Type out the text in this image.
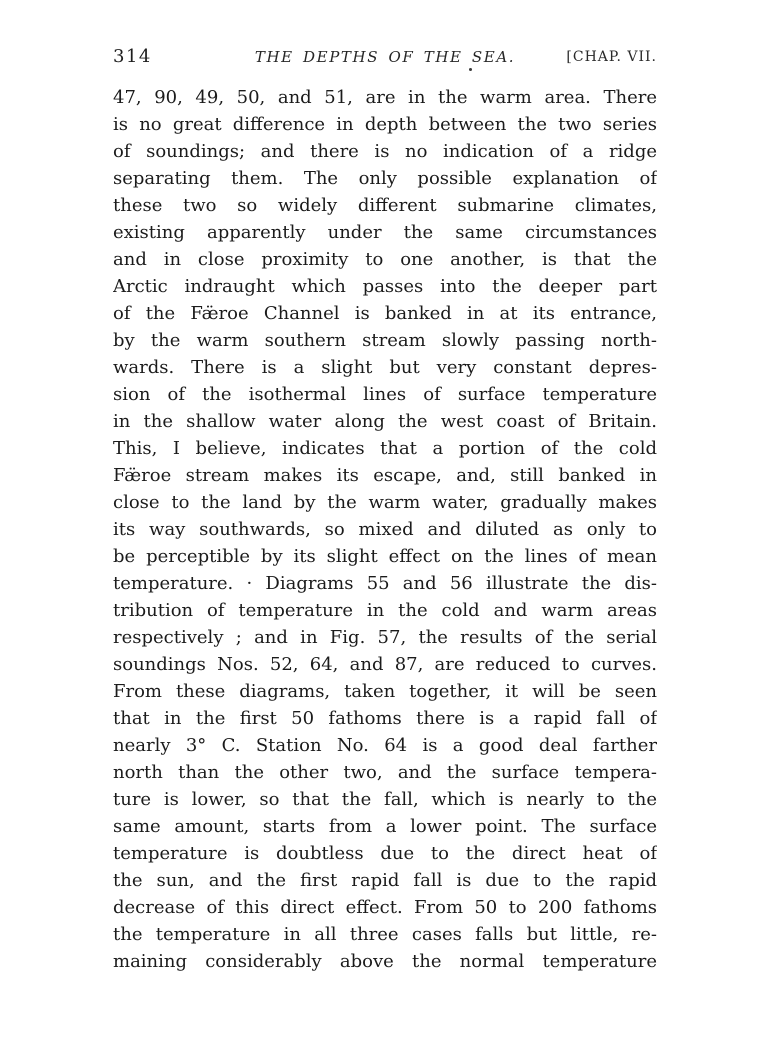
314	THE DEPTHS OF THE SEA.	[CHAP. VII.
47, 90, 49, 50, and 51, are in the warm area. There
is no great difference in depth between the two series
of soundings; and there is no indication of a ridge
separating them. The only possible explanation of
these two so widely different submarine climates,
existing apparently under the same circumstances
and in close proximity to one another, is that the
Arctic indraught which passes into the deeper part
of the Fæ̈roe Channel is banked in at its entrance,
by the warm southern stream slowly passing north-
wards. There is a slight but very constant depres-
sion of the isothermal lines of surface temperature
in the shallow water along the west coast of Britain.
This, I believe, indicates that a portion of the cold
Fæ̈roe stream makes its escape, and, still banked in
close to the land by the warm water, gradually makes
its way southwards, so mixed and diluted as only to
be perceptible by its slight effect on the lines of mean
temperature. · Diagrams 55 and 56 illustrate the dis-
tribution of temperature in the cold and warm areas
respectively ; and in Fig. 57, the results of the serial
soundings Nos. 52, 64, and 87, are reduced to curves.
From these diagrams, taken together, it will be seen
that in the first 50 fathoms there is a rapid fall of
nearly 3° C. Station No. 64 is a good deal farther
north than the other two, and the surface tempera-
ture is lower, so that the fall, which is nearly to the
same amount, starts from a lower point. The surface
temperature is doubtless due to the direct heat of
the sun, and the first rapid fall is due to the rapid
decrease of this direct effect. From 50 to 200 fathoms
the temperature in all three cases falls but little, re-
maining considerably above the normal temperature
